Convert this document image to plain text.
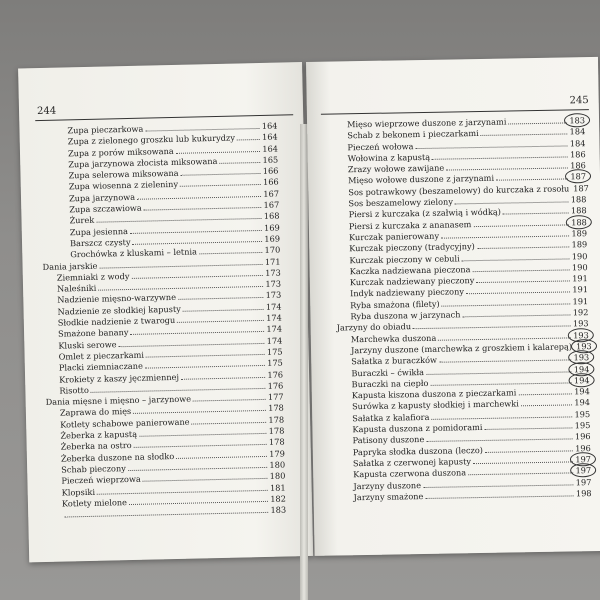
244
Zupa pieczarkowa	164
Zupa z zielonego groszku lub kukurydzy	164
Zupa z porów miksowana	164
Zupa jarzynowa złocista miksowana	165
Zupa selerowa miksowana	166
Zupa wiosenna z zieleniny	166
Zupa jarzynowa	167
Zupa szczawiowa	167
Żurek	168
Zupa jesienna	169
Barszcz czysty	169
Grochówka z kluskami – letnia	170
Dania jarskie	171
Ziemniaki z wody	173
Naleśniki	173
Nadzienie mięsno-warzywne	173
Nadzienie ze słodkiej kapusty	174
Słodkie nadzienie z twarogu	174
Smażone banany	174
Kluski serowe	174
Omlet z pieczarkami	175
Placki ziemniaczane	175
Krokiety z kaszy jęczmiennej	176
Risotto	176
Dania mięsne i mięsno – jarzynowe	177
Zaprawa do mięs	178
Kotlety schabowe panierowane	178
Żeberka z kapustą	178
Żeberka na ostro	178
Żeberka duszone na słodko	179
Schab pieczony	180
Pieczeń wieprzowa	180
Klopsiki	181
Kotlety mielone	182
183
245
Mięso wieprzowe duszone z jarzynami	183
Schab z bekonem i pieczarkami	184
Pieczeń wołowa	184
Wołowina z kapustą	186
Zrazy wołowe zawijane	186
Mięso wołowe duszone z jarzynami	187
Sos potrawkowy (beszamelowy) do kurczaka z rosołu 187
Sos beszamelowy zielony	188
Piersi z kurczaka (z szałwią i wódką)	188
Piersi z kurczaka z ananasem	188
Kurczak panierowany	189
Kurczak pieczony (tradycyjny)	189
Kurczak pieczony w cebuli	190
Kaczka nadziewana pieczona	190
Kurczak nadziewany pieczony	191
Indyk nadziewany pieczony	191
Ryba smażona (filety)	191
Ryba duszona w jarzynach	192
Jarzyny do obiadu	193
Marchewka duszona	193
Jarzyny duszone (marchewka z groszkiem i kalarepą) 193
Sałatka z buraczków	193
Buraczki – ćwikła	194
Buraczki na ciepło	194
Kapusta kiszona duszona z pieczarkami	194
Surówka z kapusty słodkiej i marchewki	194
Sałatka z kalafiora	195
Kapusta duszona z pomidorami	195
Patisony duszone	196
Papryka słodka duszona (leczo)	196
Sałatka z czerwonej kapusty	197
Kapusta czerwona duszona	197
Jarzyny duszone	197
Jarzyny smażone	198
